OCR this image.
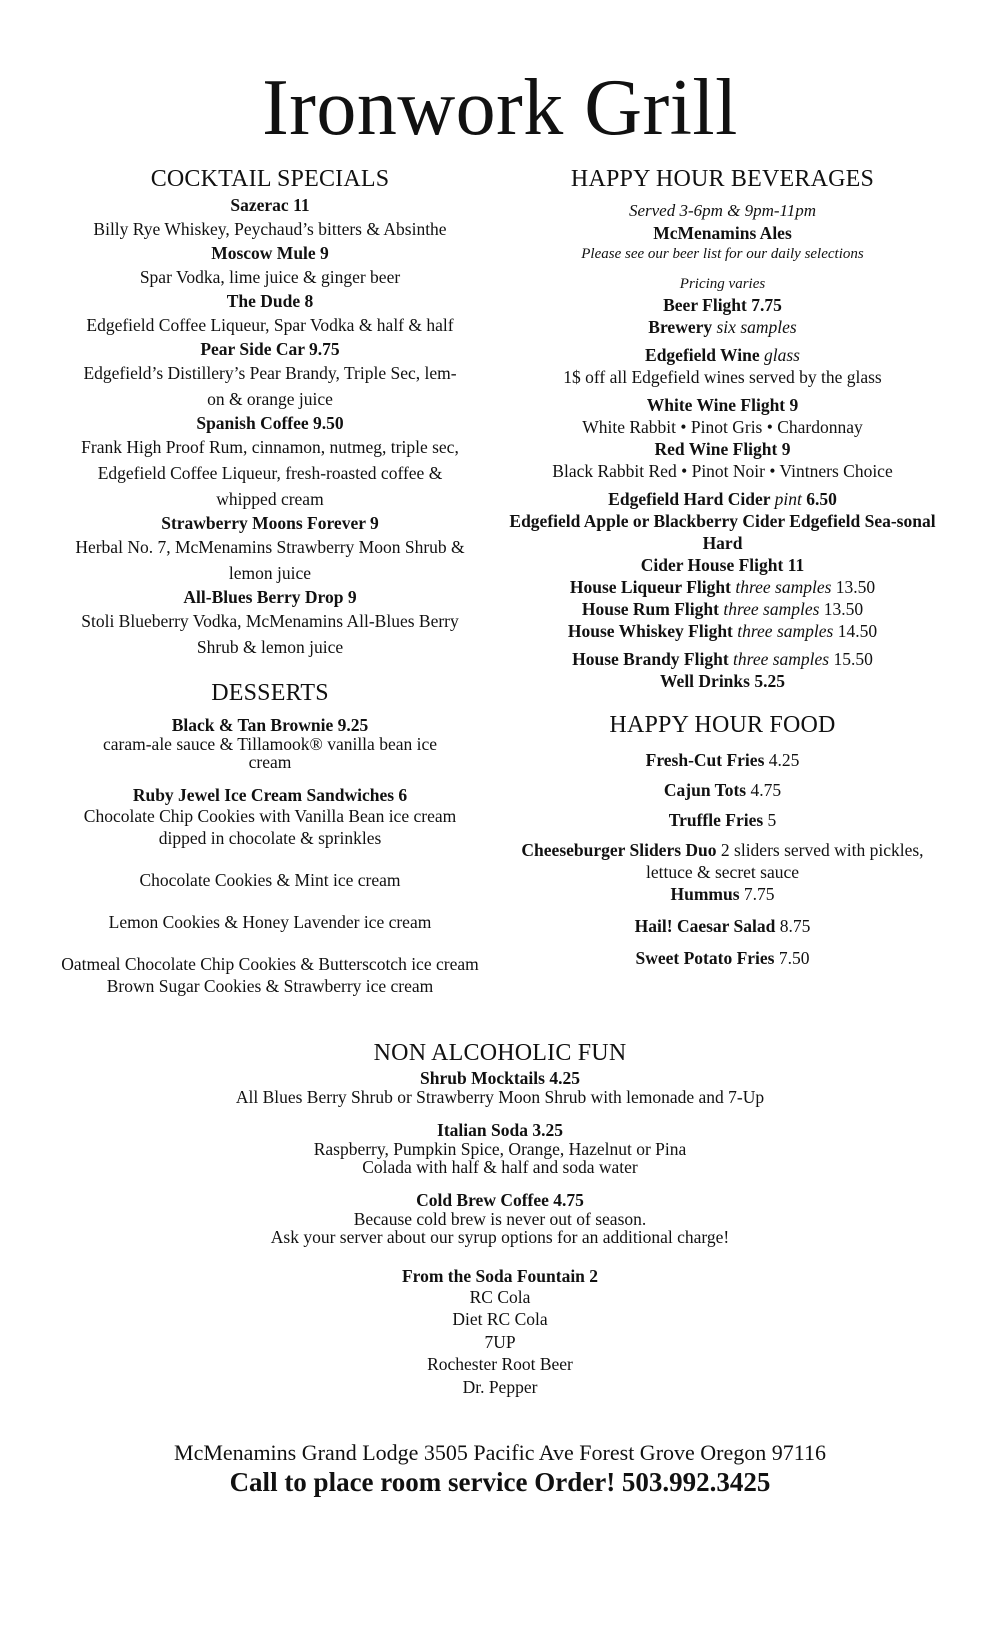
Ironwork Grill
COCKTAIL SPECIALS
Sazerac 11
Billy Rye Whiskey, Peychaud’s bitters & Absinthe
Moscow Mule 9
Spar Vodka, lime juice & ginger beer
The Dude 8
Edgefield Coffee Liqueur, Spar Vodka & half & half
Pear Side Car 9.75
Edgefield’s Distillery’s Pear Brandy, Triple Sec, lem-on & orange juice
Spanish Coffee 9.50
Frank High Proof Rum, cinnamon, nutmeg, triple sec, Edgefield Coffee Liqueur, fresh-roasted coffee & whipped cream
Strawberry Moons Forever 9
Herbal No. 7, McMenamins Strawberry Moon Shrub & lemon juice
All-Blues Berry Drop 9
Stoli Blueberry Vodka, McMenamins All-Blues Berry Shrub & lemon juice
DESSERTS
Black & Tan Brownie 9.25
caram-ale sauce & Tillamook® vanilla bean ice cream
Ruby Jewel Ice Cream Sandwiches 6
Chocolate Chip Cookies with Vanilla Bean ice cream dipped in chocolate & sprinkles
Chocolate Cookies & Mint ice cream
Lemon Cookies & Honey Lavender ice cream
Oatmeal Chocolate Chip Cookies & Butterscotch ice cream
Brown Sugar Cookies & Strawberry ice cream
HAPPY HOUR BEVERAGES
Served 3-6pm & 9pm-11pm
McMenamins Ales
Please see our beer list for our daily selections
Pricing varies
Beer Flight 7.75
Brewery six samples
Edgefield Wine glass
1$ off all Edgefield wines served by the glass
White Wine Flight 9
White Rabbit • Pinot Gris • Chardonnay
Red Wine Flight 9
Black Rabbit Red • Pinot Noir • Vintners Choice
Edgefield Hard Cider pint 6.50
Edgefield Apple or Blackberry Cider Edgefield Sea-sonal Hard
Cider House Flight 11
House Liqueur Flight three samples 13.50
House Rum Flight three samples 13.50
House Whiskey Flight three samples 14.50
House Brandy Flight three samples 15.50
Well Drinks 5.25
HAPPY HOUR FOOD
Fresh-Cut Fries 4.25
Cajun Tots 4.75
Truffle Fries 5
Cheeseburger Sliders Duo 2 sliders served with pickles, lettuce & secret sauce
Hummus 7.75
Hail! Caesar Salad 8.75
Sweet Potato Fries 7.50
NON ALCOHOLIC FUN
Shrub Mocktails 4.25
All Blues Berry Shrub or Strawberry Moon Shrub with lemonade and 7-Up
Italian Soda 3.25
Raspberry, Pumpkin Spice, Orange, Hazelnut or Pina
Colada with half & half and soda water
Cold Brew Coffee 4.75
Because cold brew is never out of season.
Ask your server about our syrup options for an additional charge!
From the Soda Fountain 2
RC Cola
Diet RC Cola
7UP
Rochester Root Beer
Dr. Pepper
McMenamins Grand Lodge 3505 Pacific Ave Forest Grove Oregon 97116
Call to place room service Order! 503.992.3425
